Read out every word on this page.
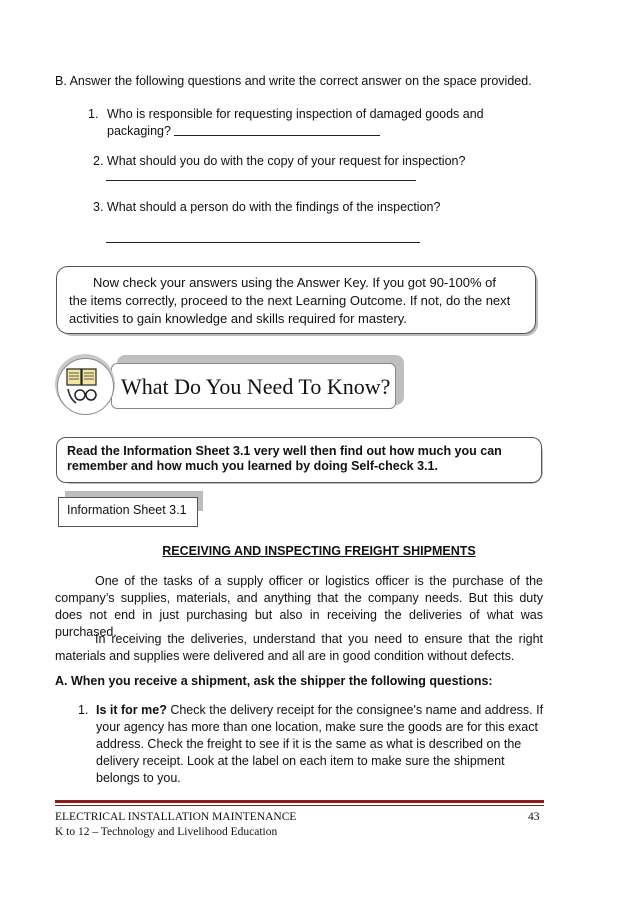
B. Answer the following questions and write the correct answer on the space provided.
1. Who is responsible for requesting inspection of damaged goods and
packaging?
2. What should you do with the copy of your request for inspection?
3. What should a person do with the findings of the inspection?
Now check your answers using the Answer Key. If you got 90-100% of
the items correctly, proceed to the next Learning Outcome. If not, do the next
activities to gain knowledge and skills required for mastery.
What Do You Need To Know?
Read the Information Sheet 3.1 very well then find out how much you can
remember and how much you learned by doing Self-check 3.1.
Information Sheet 3.1
RECEIVING AND INSPECTING FREIGHT SHIPMENTS
One of the tasks of a supply officer or logistics officer is the purchase of the company’s supplies, materials, and anything that the company needs. But this duty does not end in just purchasing but also in receiving the deliveries of what was purchased.
In receiving the deliveries, understand that you need to ensure that the right materials and supplies were delivered and all are in good condition without defects.
A. When you receive a shipment, ask the shipper the following questions:
1. Is it for me? Check the delivery receipt for the consignee's name and address. If your agency has more than one location, make sure the goods are for this exact address. Check the freight to see if it is the same as what is described on the delivery receipt. Look at the label on each item to make sure the shipment belongs to you.
ELECTRICAL INSTALLATION MAINTENANCE
K to 12 – Technology and Livelihood Education
43
